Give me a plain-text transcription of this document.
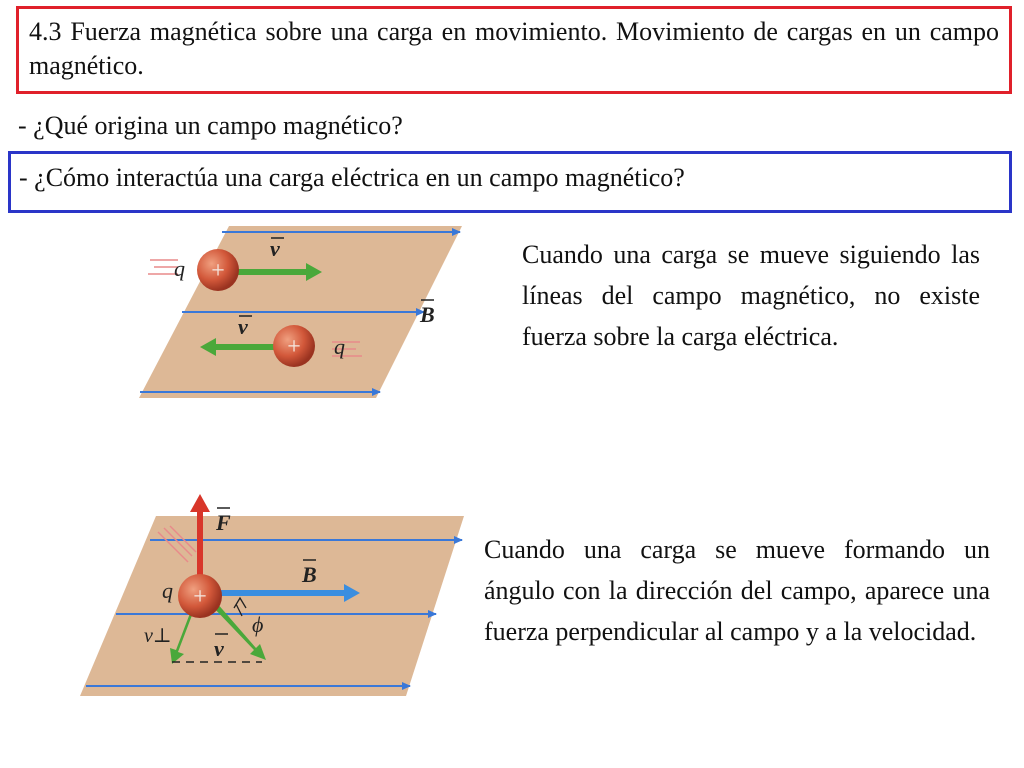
4.3 Fuerza magnética sobre una carga en movimiento. Movimiento de cargas en un campo magnético.
- ¿Qué origina un campo magnético?
- ¿Cómo interactúa una carga eléctrica en un campo magnético?
+
q
v
+ q
v	B
Cuando una carga se mueve siguiendo las líneas del campo magnético, no existe fuerza sobre la carga eléctrica.
F
B
+
q
v⊥ v
ϕ
Cuando una carga se mueve formando un ángulo con la dirección del campo, aparece una fuerza perpendicular al campo y a la velocidad.
